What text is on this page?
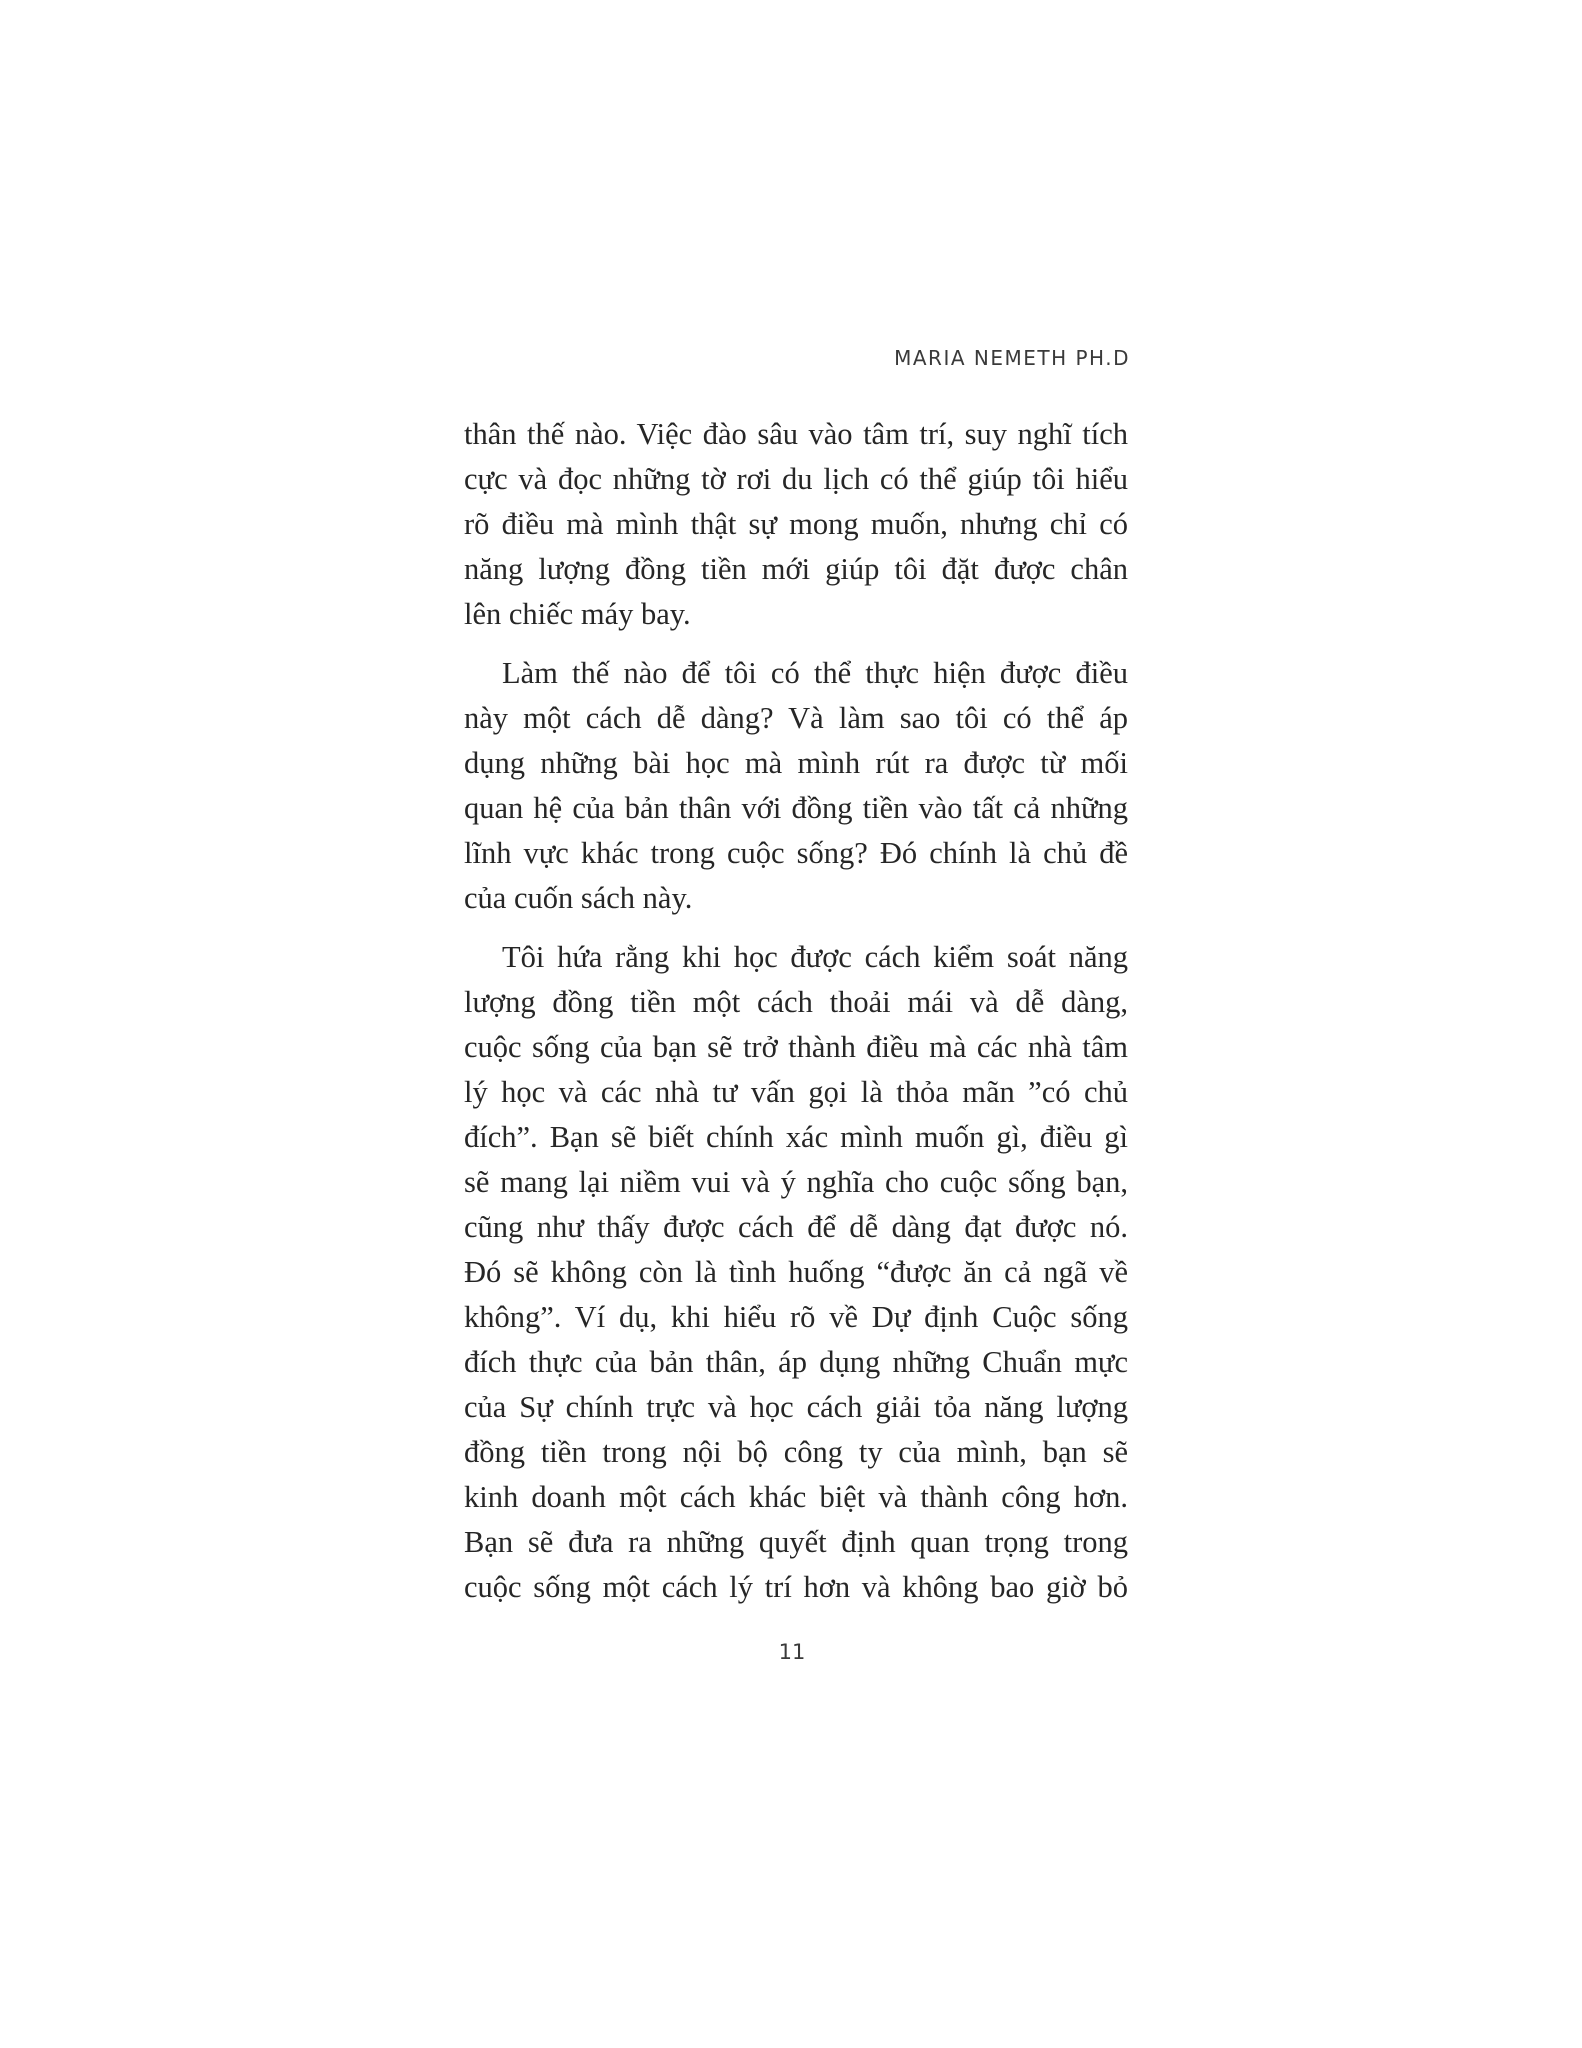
MARIA NEMETH PH.D

thân thế nào. Việc đào sâu vào tâm trí, suy nghĩ tích
cực và đọc những tờ rơi du lịch có thể giúp tôi hiểu
rõ điều mà mình thật sự mong muốn, nhưng chỉ có
năng lượng đồng tiền mới giúp tôi đặt được chân
lên chiếc máy bay.

Làm thế nào để tôi có thể thực hiện được điều
này một cách dễ dàng? Và làm sao tôi có thể áp
dụng những bài học mà mình rút ra được từ mối
quan hệ của bản thân với đồng tiền vào tất cả những
lĩnh vực khác trong cuộc sống? Đó chính là chủ đề
của cuốn sách này.

Tôi hứa rằng khi học được cách kiểm soát năng
lượng đồng tiền một cách thoải mái và dễ dàng,
cuộc sống của bạn sẽ trở thành điều mà các nhà tâm
lý học và các nhà tư vấn gọi là thỏa mãn ”có chủ
đích”. Bạn sẽ biết chính xác mình muốn gì, điều gì
sẽ mang lại niềm vui và ý nghĩa cho cuộc sống bạn,
cũng như thấy được cách để dễ dàng đạt được nó.
Đó sẽ không còn là tình huống “được ăn cả ngã về
không”. Ví dụ, khi hiểu rõ về Dự định Cuộc sống
đích thực của bản thân, áp dụng những Chuẩn mực
của Sự chính trực và học cách giải tỏa năng lượng
đồng tiền trong nội bộ công ty của mình, bạn sẽ
kinh doanh một cách khác biệt và thành công hơn.
Bạn sẽ đưa ra những quyết định quan trọng trong
cuộc sống một cách lý trí hơn và không bao giờ bỏ

11
